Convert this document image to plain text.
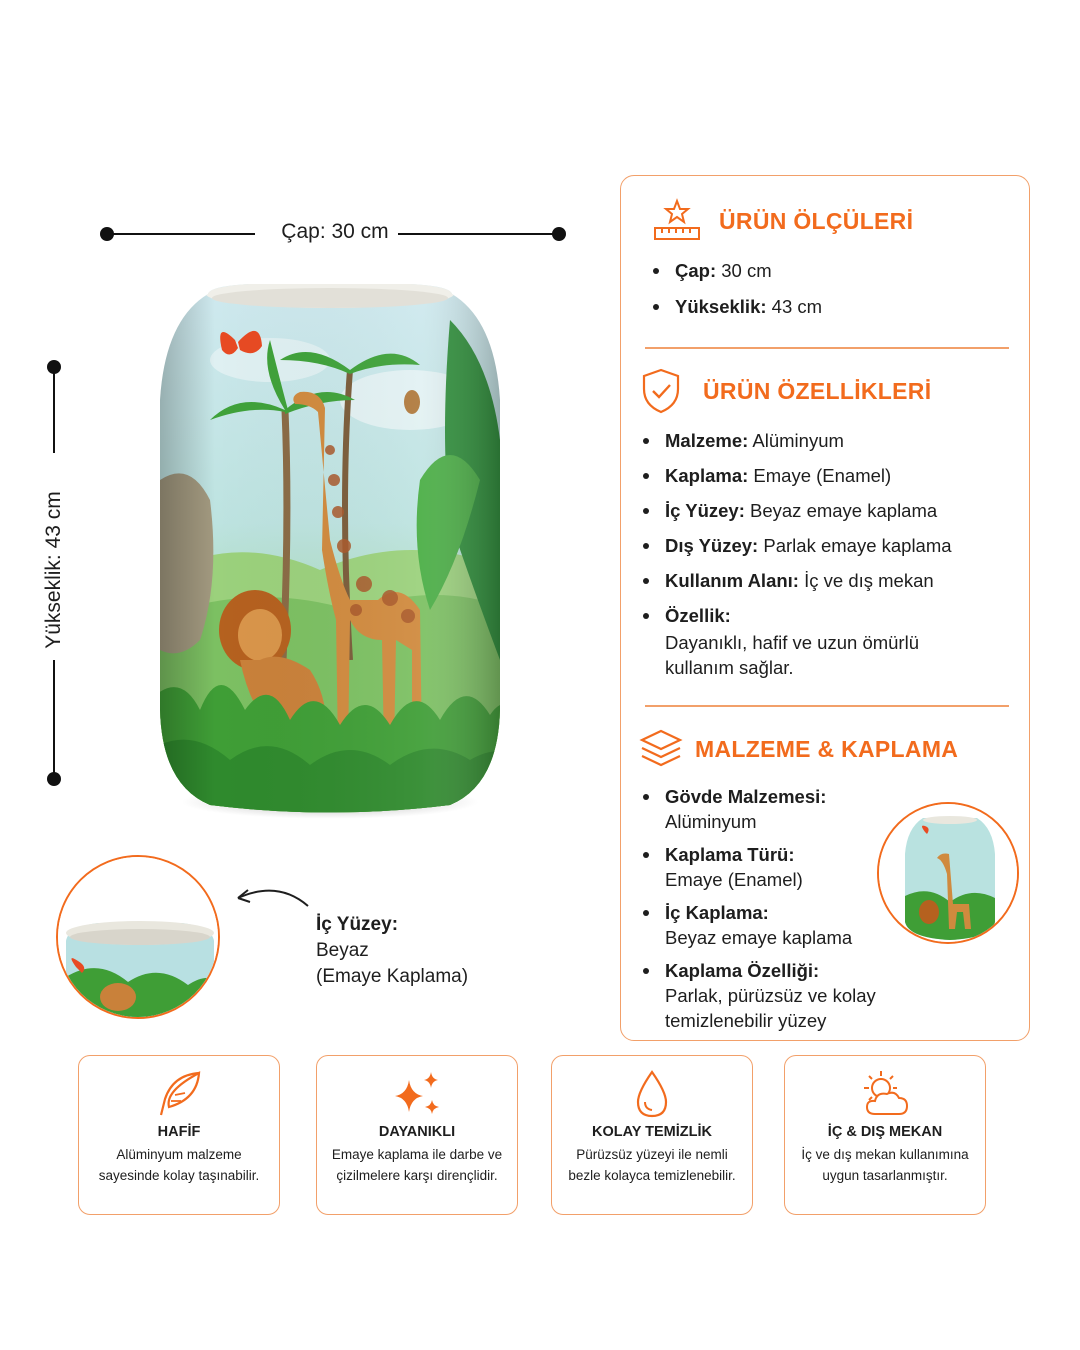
Çap: 30 cm
Yükseklik: 43 cm
İç Yüzey:
Beyaz
(Emaye Kaplama)
ÜRÜN ÖLÇÜLERİ
Çap: 30 cm
Yükseklik: 43 cm
ÜRÜN ÖZELLİKLERİ
Malzeme: Alüminyum
Kaplama: Emaye (Enamel)
İç Yüzey: Beyaz emaye kaplama
Dış Yüzey: Parlak emaye kaplama
Kullanım Alanı: İç ve dış mekan
Özellik:
Dayanıklı, hafif ve uzun ömürlü kullanım sağlar.
MALZEME & KAPLAMA
Gövde Malzemesi:
Alüminyum
Kaplama Türü:
Emaye (Enamel)
İç Kaplama:
Beyaz emaye kaplama
Kaplama Özelliği:
Parlak, pürüzsüz ve kolay temizlenebilir yüzey
HAFİF
Alüminyum malzeme sayesinde kolay taşınabilir.
DAYANIKLI
Emaye kaplama ile darbe ve çizilmelere karşı dirençlidir.
KOLAY TEMİZLİK
Pürüzsüz yüzeyi ile nemli bezle kolayca temizlenebilir.
İÇ & DIŞ MEKAN
İç ve dış mekan kullanımına uygun tasarlanmıştır.
